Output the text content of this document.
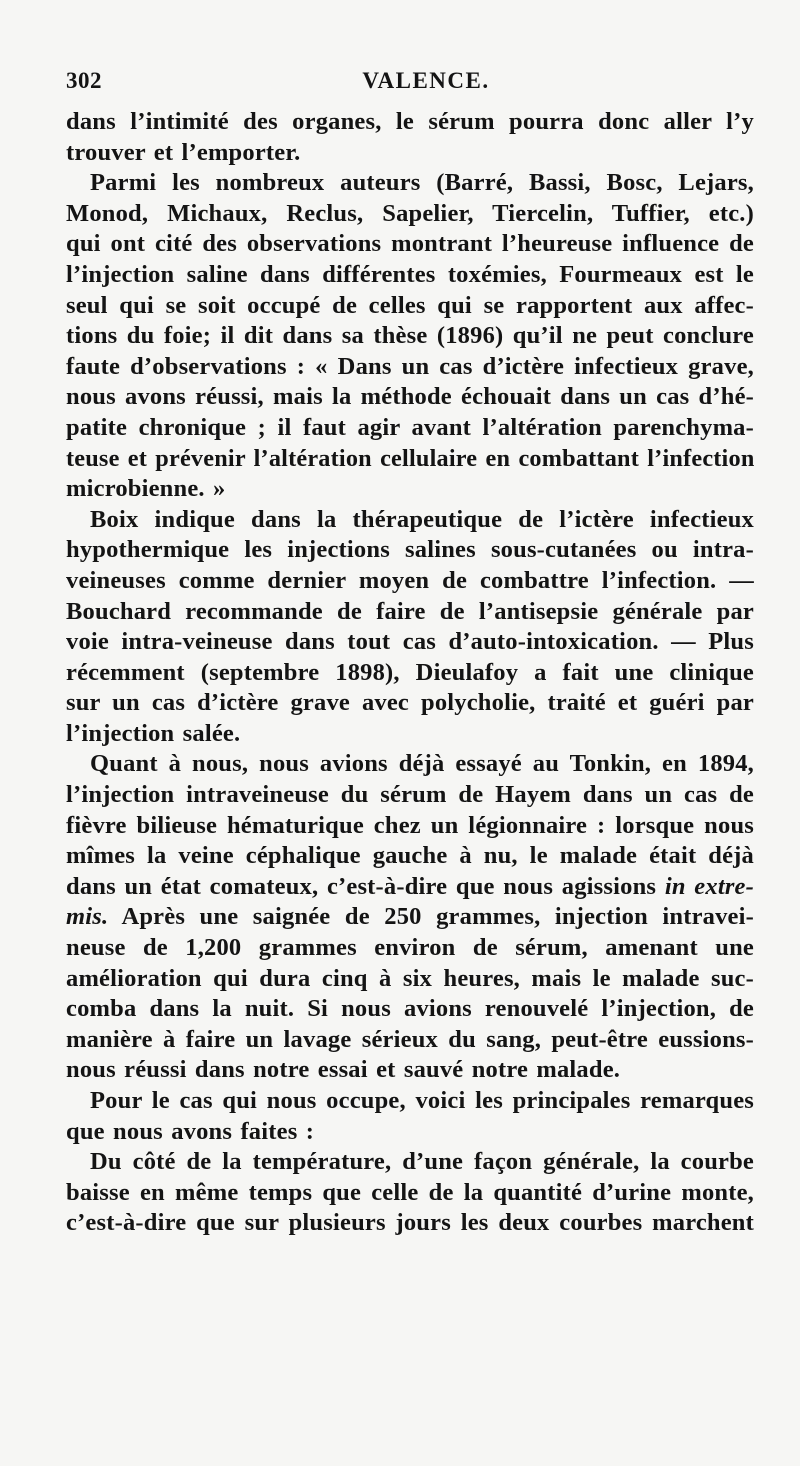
302	VALENCE.
dans l’intimité des organes, le sérum pourra donc aller l’y
trouver et l’emporter.
Parmi les nombreux auteurs (Barré, Bassi, Bosc, Lejars,
Monod, Michaux, Reclus, Sapelier, Tiercelin, Tuffier, etc.)
qui ont cité des observations montrant l’heureuse influence de
l’injection saline dans différentes toxémies, Fourmeaux est le
seul qui se soit occupé de celles qui se rapportent aux affec-
tions du foie; il dit dans sa thèse (1896) qu’il ne peut conclure
faute d’observations : « Dans un cas d’ictère infectieux grave,
nous avons réussi, mais la méthode échouait dans un cas d’hé-
patite chronique ; il faut agir avant l’altération parenchyma-
teuse et prévenir l’altération cellulaire en combattant l’infection
microbienne. »
Boix indique dans la thérapeutique de l’ictère infectieux
hypothermique les injections salines sous-cutanées ou intra-
veineuses comme dernier moyen de combattre l’infection. —
Bouchard recommande de faire de l’antisepsie générale par
voie intra-veineuse dans tout cas d’auto-intoxication. — Plus
récemment (septembre 1898), Dieulafoy a fait une clinique
sur un cas d’ictère grave avec polycholie, traité et guéri par
l’injection salée.
Quant à nous, nous avions déjà essayé au Tonkin, en 1894,
l’injection intraveineuse du sérum de Hayem dans un cas de
fièvre bilieuse hématurique chez un légionnaire : lorsque nous
mîmes la veine céphalique gauche à nu, le malade était déjà
dans un état comateux, c’est-à-dire que nous agissions in extre-
mis. Après une saignée de 250 grammes, injection intravei-
neuse de 1,200 grammes environ de sérum, amenant une
amélioration qui dura cinq à six heures, mais le malade suc-
comba dans la nuit. Si nous avions renouvelé l’injection, de
manière à faire un lavage sérieux du sang, peut-être eussions-
nous réussi dans notre essai et sauvé notre malade.
Pour le cas qui nous occupe, voici les principales remarques
que nous avons faites :
Du côté de la température, d’une façon générale, la courbe
baisse en même temps que celle de la quantité d’urine monte,
c’est-à-dire que sur plusieurs jours les deux courbes marchent
